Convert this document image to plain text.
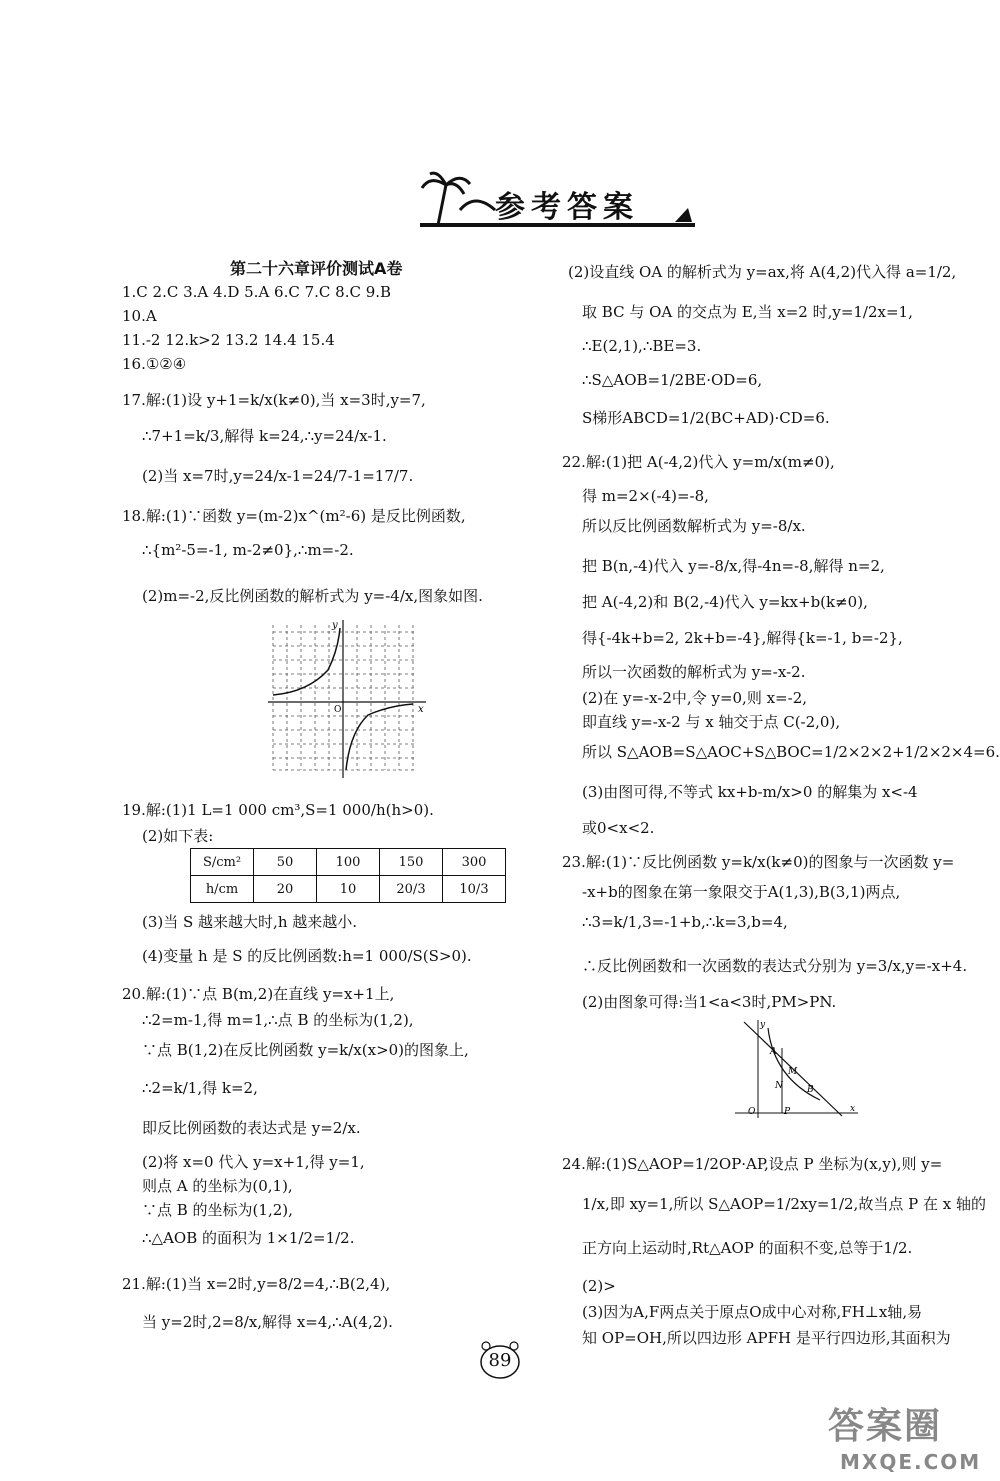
参考答案
第二十六章评价测试A卷
1.C 2.C 3.A 4.D 5.A 6.C 7.C 8.C 9.B
10.A
11.-2 12.k>2 13.2 14.4 15.4
16.①②④
17.解:(1)设 y+1=k/x(k≠0),当 x=3时,y=7,
∴7+1=k/3,解得 k=24,∴y=24/x-1.
(2)当 x=7时,y=24/x-1=24/7-1=17/7.
18.解:(1)∵函数 y=(m-2)x^(m²-6) 是反比例函数,
∴{m²-5=-1, m-2≠0},∴m=-2.
(2)m=-2,反比例函数的解析式为 y=-4/x,图象如图.
x
y
O
19.解:(1)1 L=1 000 cm³,S=1 000/h(h>0).
(2)如下表:
S/cm²	50	100	150	300
h/cm	20	10	20/3	10/3
(3)当 S 越来越大时,h 越来越小.
(4)变量 h 是 S 的反比例函数:h=1 000/S(S>0).
20.解:(1)∵点 B(m,2)在直线 y=x+1上,
∴2=m-1,得 m=1,∴点 B 的坐标为(1,2),
∵点 B(1,2)在反比例函数 y=k/x(x>0)的图象上,
∴2=k/1,得 k=2,
即反比例函数的表达式是 y=2/x.
(2)将 x=0 代入 y=x+1,得 y=1,
则点 A 的坐标为(0,1),
∵点 B 的坐标为(1,2),
∴△AOB 的面积为 1×1/2=1/2.
21.解:(1)当 x=2时,y=8/2=4,∴B(2,4),
当 y=2时,2=8/x,解得 x=4,∴A(4,2).
(2)设直线 OA 的解析式为 y=ax,将 A(4,2)代入得 a=1/2,
取 BC 与 OA 的交点为 E,当 x=2 时,y=1/2x=1,
∴E(2,1),∴BE=3.
∴S△AOB=1/2BE·OD=6,
S梯形ABCD=1/2(BC+AD)·CD=6.
22.解:(1)把 A(-4,2)代入 y=m/x(m≠0),
得 m=2×(-4)=-8,
所以反比例函数解析式为 y=-8/x.
把 B(n,-4)代入 y=-8/x,得-4n=-8,解得 n=2,
把 A(-4,2)和 B(2,-4)代入 y=kx+b(k≠0),
得{-4k+b=2, 2k+b=-4},解得{k=-1, b=-2},
所以一次函数的解析式为 y=-x-2.
(2)在 y=-x-2中,令 y=0,则 x=-2,
即直线 y=-x-2 与 x 轴交于点 C(-2,0),
所以 S△AOB=S△AOC+S△BOC=1/2×2×2+1/2×2×4=6.
(3)由图可得,不等式 kx+b-m/x>0 的解集为 x<-4
或0<x<2.
23.解:(1)∵反比例函数 y=k/x(k≠0)的图象与一次函数 y=
-x+b的图象在第一象限交于A(1,3),B(3,1)两点,
∴3=k/1,3=-1+b,∴k=3,b=4,
∴反比例函数和一次函数的表达式分别为 y=3/x,y=-x+4.
(2)由图象可得:当1<a<3时,PM>PN.
y
A
M
N	B
O	P	x
24.解:(1)S△AOP=1/2OP·AP,设点 P 坐标为(x,y),则 y=
1/x,即 xy=1,所以 S△AOP=1/2xy=1/2,故当点 P 在 x 轴的
正方向上运动时,Rt△AOP 的面积不变,总等于1/2.
(2)>
(3)因为A,F两点关于原点O成中心对称,FH⊥x轴,易
知 OP=OH,所以四边形 APFH 是平行四边形,其面积为
89
答案圈
MXQE.COM
